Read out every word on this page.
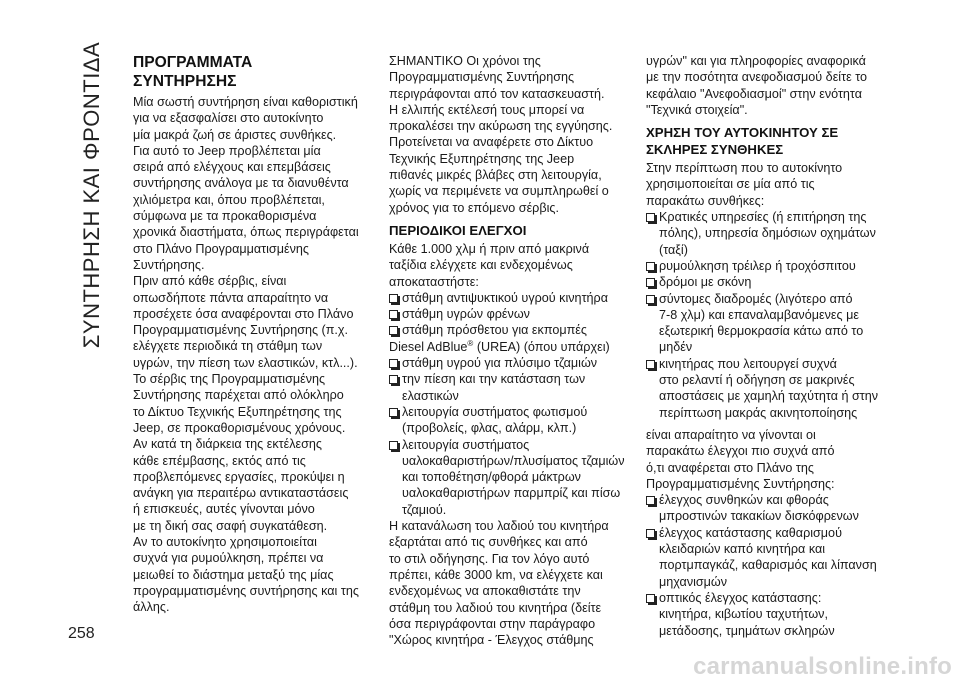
ΣΥΝΤΗΡΗΣΗ ΚΑΙ ΦΡΟΝΤΙΔΑ ΠΡΟΓΡΑΜΜΑΤΑ
ΣΥΝΤΗΡΗΣΗΣ

Μία σωστή συντήρηση είναι καθοριστική
για να εξασφαλίσει στο αυτοκίνητο
μία μακρά ζωή σε άριστες συνθήκες.
Για αυτό το Jeep προβλέπεται μία
σειρά από ελέγχους και επεμβάσεις
συντήρησης ανάλογα με τα διανυθέντα
χιλιόμετρα και, όπου προβλέπεται,
σύμφωνα με τα προκαθορισμένα
χρονικά διαστήματα, όπως περιγράφεται
στο Πλάνο Προγραμματισμένης
Συντήρησης.

Πριν από κάθε σέρβις, είναι
οπωσδήποτε πάντα απαραίτητο να
προσέχετε όσα αναφέρονται στο Πλάνο
Προγραμματισμένης Συντήρησης (π.χ.
ελέγχετε περιοδικά τη στάθμη των
υγρών, την πίεση των ελαστικών, κτλ...).

Το σέρβις της Προγραμματισμένης
Συντήρησης παρέχεται από ολόκληρο
το Δίκτυο Τεχνικής Εξυπηρέτησης της
Jeep, σε προκαθορισμένους χρόνους.
Αν κατά τη διάρκεια της εκτέλεσης
κάθε επέμβασης, εκτός από τις
προβλεπόμενες εργασίες, προκύψει η
ανάγκη για περαιτέρω αντικαταστάσεις
ή επισκευές, αυτές γίνονται μόνο
με τη δική σας σαφή συγκατάθεση.

Αν το αυτοκίνητο χρησιμοποιείται
συχνά για ρυμούλκηση, πρέπει να
μειωθεί το διάστημα μεταξύ της μίας
προγραμματισμένης συντήρησης και της
άλλης.

ΣΗΜΑΝΤΙΚΟ Οι χρόνοι της
Προγραμματισμένης Συντήρησης
περιγράφονται από τον κατασκευαστή.
Η ελλιπής εκτέλεσή τους μπορεί να
προκαλέσει την ακύρωση της εγγύησης.
Προτείνεται να αναφέρετε στο Δίκτυο
Τεχνικής Εξυπηρέτησης της Jeep
πιθανές μικρές βλάβες στη λειτουργία,
χωρίς να περιμένετε να συμπληρωθεί ο
χρόνος για το επόμενο σέρβις.

ΠΕΡΙΟΔΙΚΟΙ ΕΛΕΓΧΟΙ

Κάθε 1.000 χλμ ή πριν από μακρινά
ταξίδια ελέγχετε και ενδεχομένως
αποκαταστήστε:

στάθμη αντιψυκτικού υγρού κινητήρα
στάθμη υγρών φρένων
στάθμη πρόσθετου για εκπομπές
Diesel AdBlue® (UREA) (όπου υπάρχει)
στάθμη υγρού για πλύσιμο τζαμιών
την πίεση και την κατάσταση των
ελαστικών
λειτουργία συστήματος φωτισμού
(προβολείς, φλας, αλάρμ, κλπ.)
λειτουργία συστήματος
υαλοκαθαριστήρων/πλυσίματος τζαμιών
και τοποθέτηση/φθορά μάκτρων
υαλοκαθαριστήρων παρμπρίζ και πίσω
τζαμιού.

Η κατανάλωση του λαδιού του κινητήρα
εξαρτάται από τις συνθήκες και από
το στιλ οδήγησης. Για τον λόγο αυτό
πρέπει, κάθε 3000 km, να ελέγχετε και
ενδεχομένως να αποκαθιστάτε την
στάθμη του λαδιού του κινητήρα (δείτε
όσα περιγράφονται στην παράγραφο
"Χώρος κινητήρα - Έλεγχος στάθμης

υγρών" και για πληροφορίες αναφορικά
με την ποσότητα ανεφοδιασμού δείτε το
κεφάλαιο "Ανεφοδιασμοί" στην ενότητα
"Τεχνικά στοιχεία".

ΧΡΗΣΗ ΤΟΥ ΑΥΤΟΚΙΝΗΤΟΥ ΣΕ
ΣΚΛΗΡΕΣ ΣΥΝΘΗΚΕΣ

Στην περίπτωση που το αυτοκίνητο
χρησιμοποιείται σε μία από τις
παρακάτω συνθήκες:

Κρατικές υπηρεσίες (ή επιτήρηση της
πόλης), υπηρεσία δημόσιων οχημάτων
(ταξί)
ρυμούλκηση τρέιλερ ή τροχόσπιτου
δρόμοι με σκόνη
σύντομες διαδρομές (λιγότερο από
7-8 χλμ) και επαναλαμβανόμενες με
εξωτερική θερμοκρασία κάτω από το
μηδέν
κινητήρας που λειτουργεί συχνά
στο ρελαντί ή οδήγηση σε μακρινές
αποστάσεις με χαμηλή ταχύτητα ή στην
περίπτωση μακράς ακινητοποίησης

είναι απαραίτητο να γίνονται οι
παρακάτω έλεγχοι πιο συχνά από
ό,τι αναφέρεται στο Πλάνο της
Προγραμματισμένης Συντήρησης:

έλεγχος συνθηκών και φθοράς
μπροστινών τακακίων δισκόφρενων
έλεγχος κατάστασης καθαρισμού
κλειδαριών καπό κινητήρα και
πορτμπαγκάζ, καθαρισμός και λίπανση
μηχανισμών
οπτικός έλεγχος κατάστασης:
κινητήρα, κιβωτίου ταχυτήτων,
μετάδοσης, τμημάτων σκληρών
258
carmanualsonline.info
